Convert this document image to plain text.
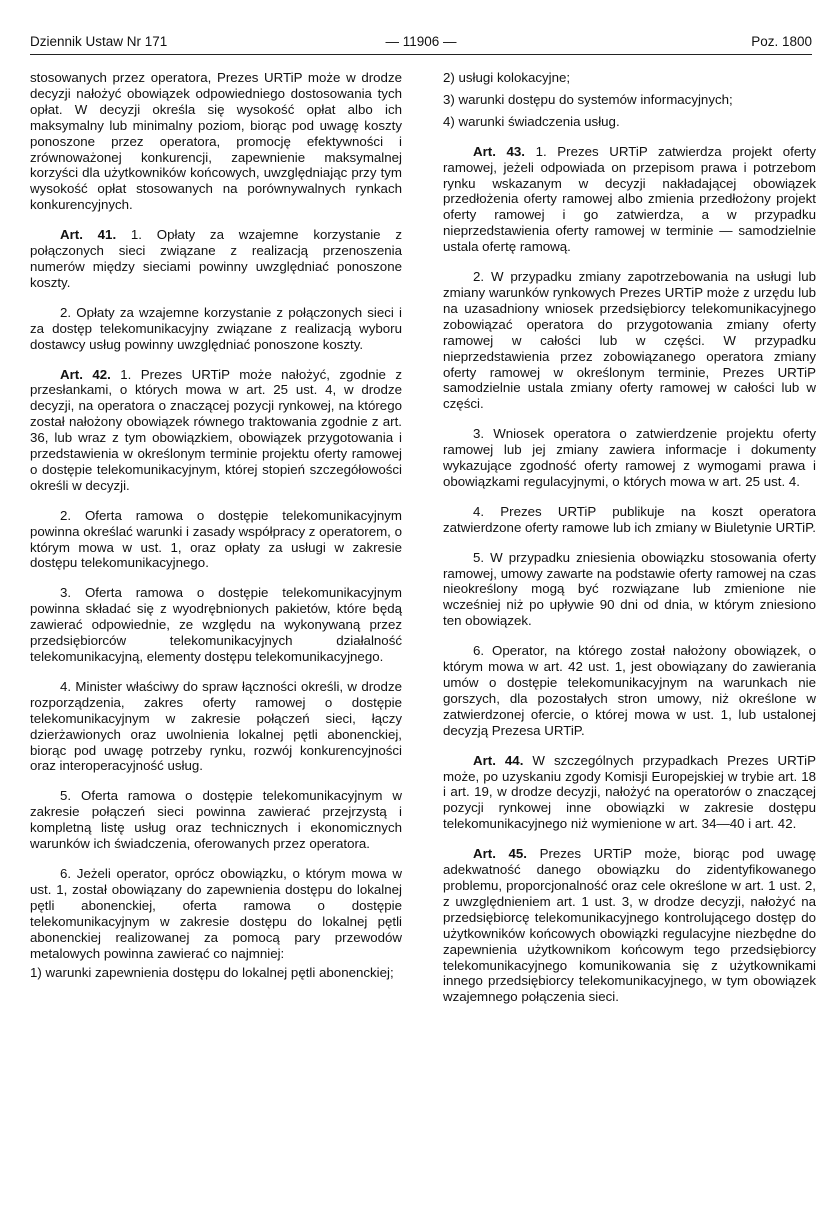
Dziennik Ustaw Nr 171	— 11906 —	Poz. 1800

stosowanych przez operatora, Prezes URTiP może w drodze decyzji nałożyć obowiązek odpowiedniego dostosowania tych opłat. W decyzji określa się wysokość opłat albo ich maksymalny lub minimalny poziom, biorąc pod uwagę koszty ponoszone przez operatora, promocję efektywności i zrównoważonej konkurencji, zapewnienie maksymalnej korzyści dla użytkowników końcowych, uwzględniając przy tym wysokość opłat stosowanych na porównywalnych rynkach konkurencyjnych.

Art. 41. 1. Opłaty za wzajemne korzystanie z połączonych sieci związane z realizacją przenoszenia numerów między sieciami powinny uwzględniać ponoszone koszty.

2. Opłaty za wzajemne korzystanie z połączonych sieci i za dostęp telekomunikacyjny związane z realizacją wyboru dostawcy usług powinny uwzględniać ponoszone koszty.

Art. 42. 1. Prezes URTiP może nałożyć, zgodnie z przesłankami, o których mowa w art. 25 ust. 4, w drodze decyzji, na operatora o znaczącej pozycji rynkowej, na którego został nałożony obowiązek równego traktowania zgodnie z art. 36, lub wraz z tym obowiązkiem, obowiązek przygotowania i przedstawienia w określonym terminie projektu oferty ramowej o dostępie telekomunikacyjnym, której stopień szczegółowości określi w decyzji.

2. Oferta ramowa o dostępie telekomunikacyjnym powinna określać warunki i zasady współpracy z operatorem, o którym mowa w ust. 1, oraz opłaty za usługi w zakresie dostępu telekomunikacyjnego.

3. Oferta ramowa o dostępie telekomunikacyjnym powinna składać się z wyodrębnionych pakietów, które będą zawierać odpowiednie, ze względu na wykonywaną przez przedsiębiorców telekomunikacyjnych działalność telekomunikacyjną, elementy dostępu telekomunikacyjnego.

4. Minister właściwy do spraw łączności określi, w drodze rozporządzenia, zakres oferty ramowej o dostępie telekomunikacyjnym w zakresie połączeń sieci, łączy dzierżawionych oraz uwolnienia lokalnej pętli abonenckiej, biorąc pod uwagę potrzeby rynku, rozwój konkurencyjności oraz interoperacyjność usług.

5. Oferta ramowa o dostępie telekomunikacyjnym w zakresie połączeń sieci powinna zawierać przejrzystą i kompletną listę usług oraz technicznych i ekonomicznych warunków ich świadczenia, oferowanych przez operatora.

6. Jeżeli operator, oprócz obowiązku, o którym mowa w ust. 1, został obowiązany do zapewnienia dostępu do lokalnej pętli abonenckiej, oferta ramowa o dostępie telekomunikacyjnym w zakresie dostępu do lokalnej pętli abonenckiej realizowanej za pomocą pary przewodów metalowych powinna zawierać co najmniej:

1) warunki zapewnienia dostępu do lokalnej pętli abonenckiej;

2) usługi kolokacyjne;

3) warunki dostępu do systemów informacyjnych;

4) warunki świadczenia usług.

Art. 43. 1. Prezes URTiP zatwierdza projekt oferty ramowej, jeżeli odpowiada on przepisom prawa i potrzebom rynku wskazanym w decyzji nakładającej obowiązek przedłożenia oferty ramowej albo zmienia przedłożony projekt oferty ramowej i go zatwierdza, a w przypadku nieprzedstawienia oferty ramowej w terminie — samodzielnie ustala ofertę ramową.

2. W przypadku zmiany zapotrzebowania na usługi lub zmiany warunków rynkowych Prezes URTiP może z urzędu lub na uzasadniony wniosek przedsiębiorcy telekomunikacyjnego zobowiązać operatora do przygotowania zmiany oferty ramowej w całości lub w części. W przypadku nieprzedstawienia przez zobowiązanego operatora zmiany oferty ramowej w określonym terminie, Prezes URTiP samodzielnie ustala zmiany oferty ramowej w całości lub w części.

3. Wniosek operatora o zatwierdzenie projektu oferty ramowej lub jej zmiany zawiera informacje i dokumenty wykazujące zgodność oferty ramowej z wymogami prawa i obowiązkami regulacyjnymi, o których mowa w art. 25 ust. 4.

4. Prezes URTiP publikuje na koszt operatora zatwierdzone oferty ramowe lub ich zmiany w Biuletynie URTiP.

5. W przypadku zniesienia obowiązku stosowania oferty ramowej, umowy zawarte na podstawie oferty ramowej na czas nieokreślony mogą być rozwiązane lub zmienione nie wcześniej niż po upływie 90 dni od dnia, w którym zniesiono ten obowiązek.

6. Operator, na którego został nałożony obowiązek, o którym mowa w art. 42 ust. 1, jest obowiązany do zawierania umów o dostępie telekomunikacyjnym na warunkach nie gorszych, dla pozostałych stron umowy, niż określone w zatwierdzonej ofercie, o której mowa w ust. 1, lub ustalonej decyzją Prezesa URTiP.

Art. 44. W szczególnych przypadkach Prezes URTiP może, po uzyskaniu zgody Komisji Europejskiej w trybie art. 18 i art. 19, w drodze decyzji, nałożyć na operatorów o znaczącej pozycji rynkowej inne obowiązki w zakresie dostępu telekomunikacyjnego niż wymienione w art. 34—40 i art. 42.

Art. 45. Prezes URTiP może, biorąc pod uwagę adekwatność danego obowiązku do zidentyfikowanego problemu, proporcjonalność oraz cele określone w art. 1 ust. 2, z uwzględnieniem art. 1 ust. 3, w drodze decyzji, nałożyć na przedsiębiorcę telekomunikacyjnego kontrolującego dostęp do użytkowników końcowych obowiązki regulacyjne niezbędne do zapewnienia użytkownikom końcowym tego przedsiębiorcy telekomunikacyjnego komunikowania się z użytkownikami innego przedsiębiorcy telekomunikacyjnego, w tym obowiązek wzajemnego połączenia sieci.
